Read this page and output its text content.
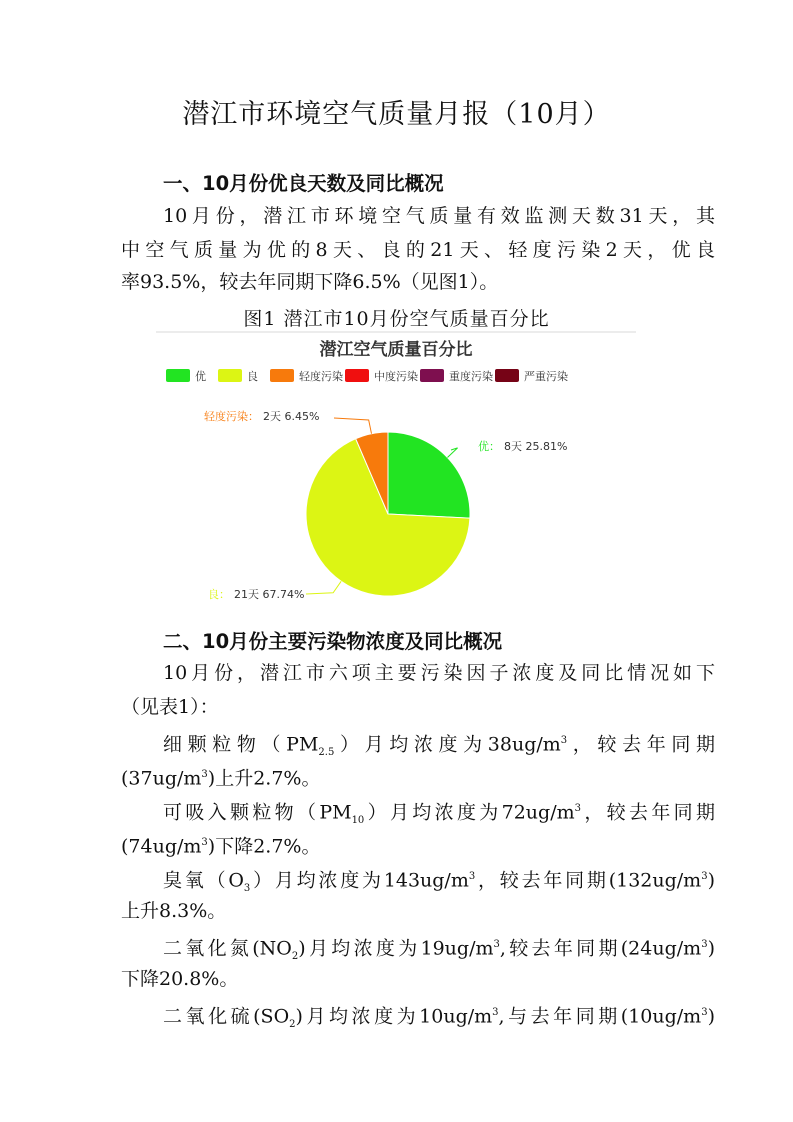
潜江市环境空气质量月报（10月）
一、10月份优良天数及同比概况
10月份，潜江市环境空气质量有效监测天数31天，其
中空气质量为优的8天、良的21天、轻度污染2天，优良
率93.5%，较去年同期下降6.5%（见图1）。
图1 潜江市10月份空气质量百分比
潜江空气质量百分比
优	良	轻度污染	中度污染	重度污染	严重污染
优： 8天 25.81%
良： 21天 67.74%
轻度污染： 2天 6.45%
二、10月份主要污染物浓度及同比概况
10月份，潜江市六项主要污染因子浓度及同比情况如下
（见表1）：
细颗粒物$(PM_{2.5})$月均浓度为$38ug/m^3$，较去年同期
$(37ug/m^3)$上升2.7%。
可吸入颗粒物$(PM_{10})$月均浓度为$72ug/m^3$，较去年同期
$(74ug/m^3)$下降2.7%。
臭氧$(O_3)$月均浓度为$143ug/m^3$，较去年同期$(132ug/m^3)$
上升8.3%。
二氧化氮$(NO_2)$月均浓度为$19ug/m^3$,较去年同期$(24ug/m^3)$
下降20.8%。
二氧化硫$(SO_2)$月均浓度为$10ug/m^3$,与去年同期$(10ug/m^3)$
